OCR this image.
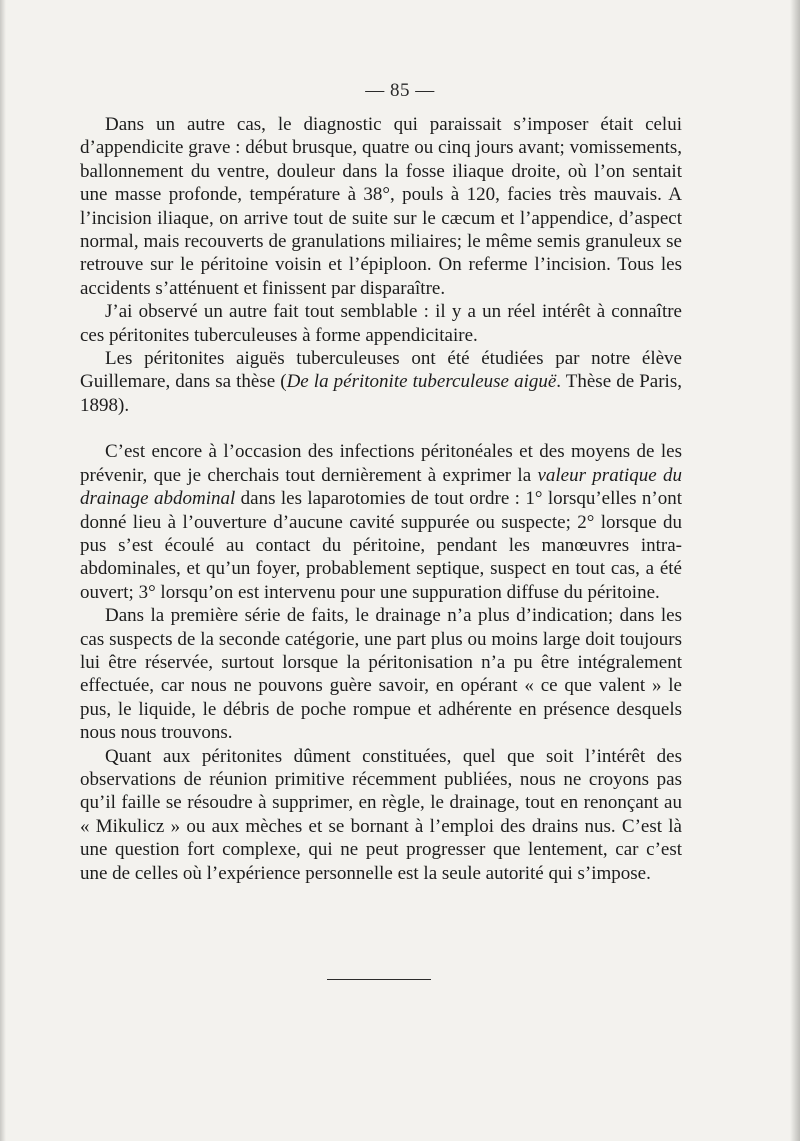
— 85 —

Dans un autre cas, le diagnostic qui paraissait s’imposer était celui d’appendicite grave : début brusque, quatre ou cinq jours avant; vomissements, ballonnement du ventre, douleur dans la fosse iliaque droite, où l’on sentait une masse profonde, température à 38°, pouls à 120, facies très mauvais. A l’incision iliaque, on arrive tout de suite sur le cæcum et l’appendice, d’aspect normal, mais recouverts de granulations miliaires; le même semis granuleux se retrouve sur le péritoine voisin et l’épiploon. On referme l’incision. Tous les accidents s’atténuent et finissent par disparaître.

J’ai observé un autre fait tout semblable : il y a un réel intérêt à connaître ces péritonites tuberculeuses à forme appendicitaire.

Les péritonites aiguës tuberculeuses ont été étudiées par notre élève Guillemare, dans sa thèse (De la péritonite tuberculeuse aiguë. Thèse de Paris, 1898).

C’est encore à l’occasion des infections péritonéales et des moyens de les prévenir, que je cherchais tout dernièrement à exprimer la valeur pratique du drainage abdominal dans les laparotomies de tout ordre : 1° lorsqu’elles n’ont donné lieu à l’ouverture d’aucune cavité suppurée ou suspecte; 2° lorsque du pus s’est écoulé au contact du péritoine, pendant les manœuvres intra-abdominales, et qu’un foyer, probablement septique, suspect en tout cas, a été ouvert; 3° lorsqu’on est intervenu pour une suppuration diffuse du péritoine.

Dans la première série de faits, le drainage n’a plus d’indication; dans les cas suspects de la seconde catégorie, une part plus ou moins large doit toujours lui être réservée, surtout lorsque la péritonisation n’a pu être intégralement effectuée, car nous ne pouvons guère savoir, en opérant « ce que valent » le pus, le liquide, le débris de poche rompue et adhérente en présence desquels nous nous trouvons.

Quant aux péritonites dûment constituées, quel que soit l’intérêt des observations de réunion primitive récemment publiées, nous ne croyons pas qu’il faille se résoudre à supprimer, en règle, le drainage, tout en renonçant au « Mikulicz » ou aux mèches et se bornant à l’emploi des drains nus. C’est là une question fort complexe, qui ne peut progresser que lentement, car c’est une de celles où l’expérience personnelle est la seule autorité qui s’impose.
